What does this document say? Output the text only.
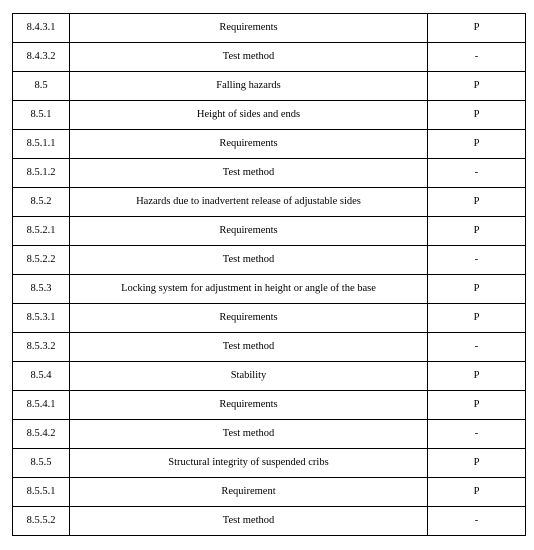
8.4.3.1	Requirements	P
8.4.3.2	Test method	-
8.5	Falling hazards	P
8.5.1	Height of sides and ends	P
8.5.1.1	Requirements	P
8.5.1.2	Test method	-
8.5.2	Hazards due to inadvertent release of adjustable sides	P
8.5.2.1	Requirements	P
8.5.2.2	Test method	-
8.5.3	Locking system for adjustment in height or angle of the base	P
8.5.3.1	Requirements	P
8.5.3.2	Test method	-
8.5.4	Stability	P
8.5.4.1	Requirements	P
8.5.4.2	Test method	-
8.5.5	Structural integrity of suspended cribs	P
8.5.5.1	Requirement	P
8.5.5.2	Test method	-
